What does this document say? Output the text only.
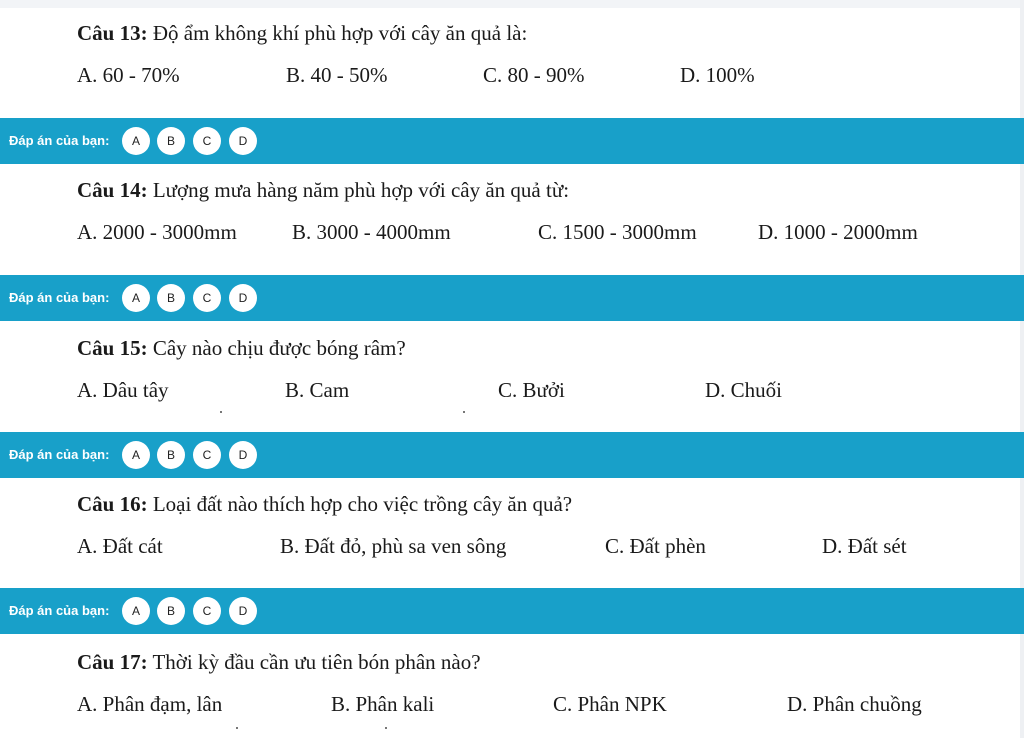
Câu 13: Độ ẩm không khí phù hợp với cây ăn quả là:
A. 60 - 70%	B. 40 - 50%	C. 80 - 90%	D. 100%
Đáp án của bạn:	A	B	C	D
Câu 14: Lượng mưa hàng năm phù hợp với cây ăn quả từ:
A. 2000 - 3000mm	B. 3000 - 4000mm	C. 1500 - 3000mm	D. 1000 - 2000mm
Đáp án của bạn:	A	B	C	D
Câu 15: Cây nào chịu được bóng râm?
A. Dâu tây	B. Cam	C. Bưởi	D. Chuối
Đáp án của bạn:	A	B	C	D
Câu 16: Loại đất nào thích hợp cho việc trồng cây ăn quả?
A. Đất cát	B. Đất đỏ, phù sa ven sông	C. Đất phèn	D. Đất sét
Đáp án của bạn:	A	B	C	D
Câu 17: Thời kỳ đầu cần ưu tiên bón phân nào?
A. Phân đạm, lân	B. Phân kali	C. Phân NPK	D. Phân chuồng
